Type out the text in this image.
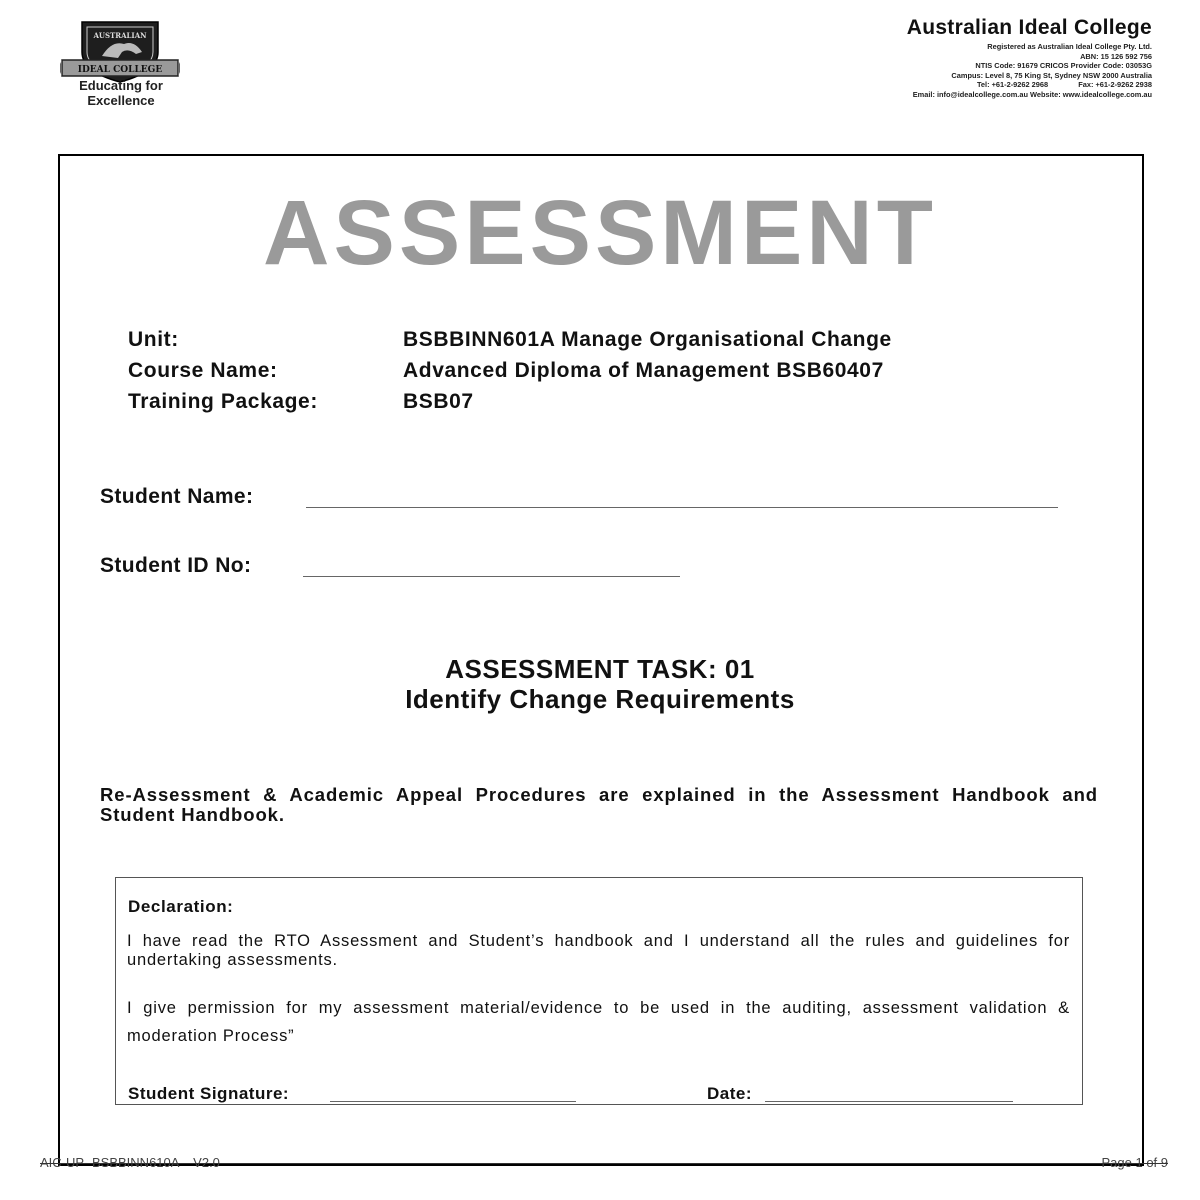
AUSTRALIAN
IDEAL COLLEGE
Educating for
Excellence
Australian Ideal College
Registered as Australian Ideal College Pty. Ltd.
ABN: 15 126 592 756
NTIS Code: 91679 CRICOS Provider Code: 03053G
Campus: Level 8, 75 King St, Sydney NSW 2000 Australia
Tel: +61-2-9262 2968	Fax: +61-2-9262 2938
Email: info@idealcollege.com.au Website: www.idealcollege.com.au
ASSESSMENT
Unit:	BSBBINN601A Manage Organisational Change
Course Name:	Advanced Diploma of Management BSB60407
Training Package:	BSB07
Student Name:
Student ID No:
ASSESSMENT TASK: 01
Identify Change Requirements
Re-Assessment & Academic Appeal Procedures are explained in the Assessment Handbook and Student Handbook.
Declaration:
I have read the RTO Assessment and Student’s handbook and I understand all the rules and guidelines for undertaking assessments.
I give permission for my assessment material/evidence to be used in the auditing, assessment validation & moderation Process”
Student Signature:	Date:
AIC-UP- BSBBINN610A – V2.0	Page 1 of 9
